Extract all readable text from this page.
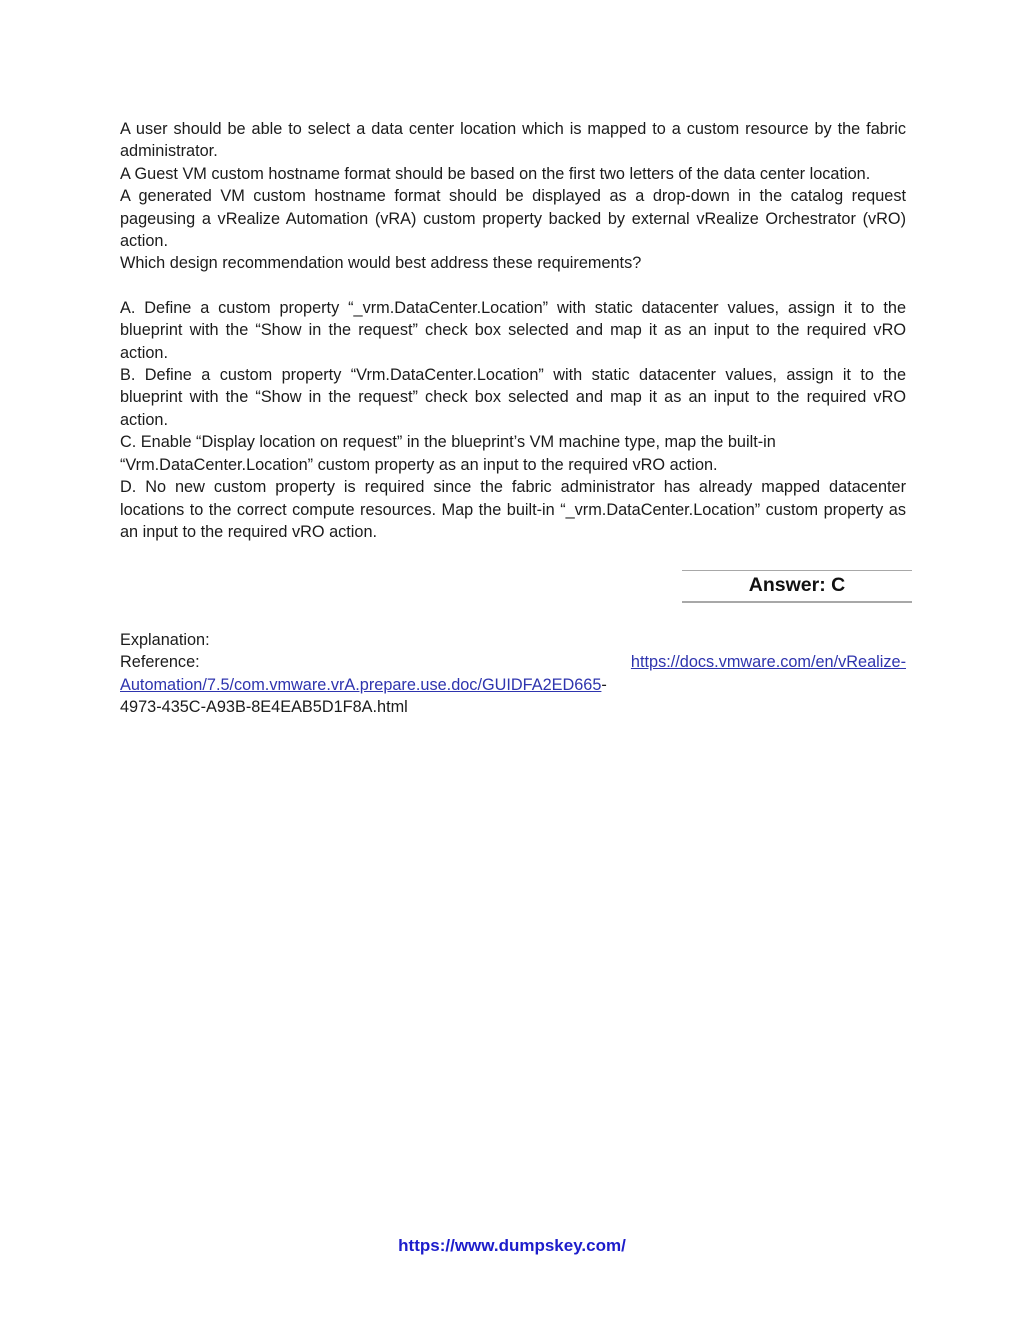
A user should be able to select a data center location which is mapped to a custom resource by the fabric administrator.
A Guest VM custom hostname format should be based on the first two letters of the data center location.
A generated VM custom hostname format should be displayed as a drop-down in the catalog request pageusing a vRealize Automation (vRA) custom property backed by external vRealize Orchestrator (vRO) action.
Which design recommendation would best address these requirements?
A. Define a custom property “_vrm.DataCenter.Location” with static datacenter values, assign it to the blueprint with the “Show in the request” check box selected and map it as an input to the required vRO action.
B. Define a custom property “Vrm.DataCenter.Location” with static datacenter values, assign it to the blueprint with the “Show in the request” check box selected and map it as an input to the required vRO action.
C. Enable “Display location on request” in the blueprint’s VM machine type, map the built-in “Vrm.DataCenter.Location” custom property as an input to the required vRO action.
D. No new custom property is required since the fabric administrator has already mapped datacenter locations to the correct compute resources. Map the built-in “_vrm.DataCenter.Location” custom property as an input to the required vRO action.
Answer: C
Explanation:
Reference:	https://docs.vmware.com/en/vRealize-
Automation/7.5/com.vmware.vrA.prepare.use.doc/GUIDFA2ED665-
4973-435C-A93B-8E4EAB5D1F8A.html
https://www.dumpskey.com/
